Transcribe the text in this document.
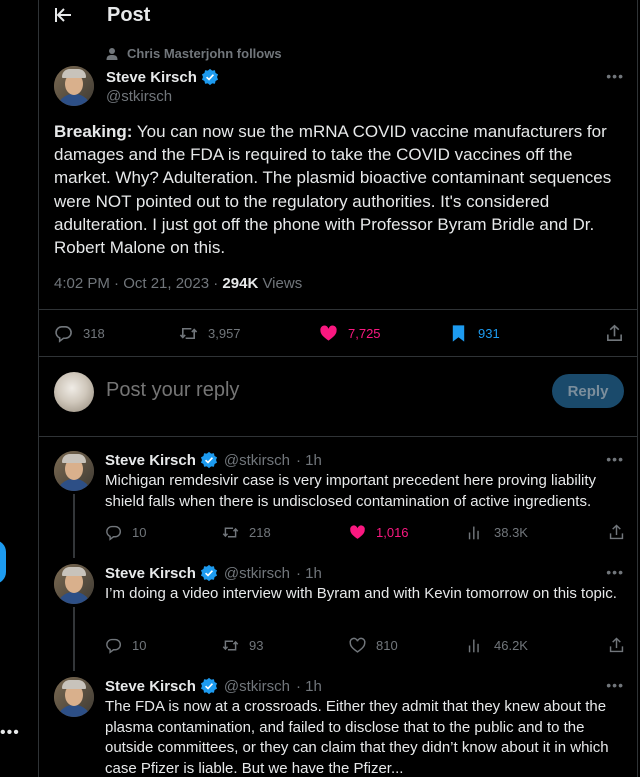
•••
Post
Chris Masterjohn follows
Steve Kirsch
@stkirsch
•••
Breaking: You can now sue the mRNA COVID vaccine manufacturers for damages and the FDA is required to take the COVID vaccines off the market. Why? Adulteration. The plasmid bioactive contaminant sequences were NOT pointed out to the regulatory authorities. It's considered adulteration. I just got off the phone with Professor Byram Bridle and Dr. Robert Malone on this.
4:02 PM · Oct 21, 2023 · 294K Views
318	3,957	7,725	931
Post your reply
Reply
Steve Kirsch @stkirsch · 1h	•••
Michigan remdesivir case is very important precedent here proving liability shield falls when there is undisclosed contamination of active ingredients.
10	218	1,016	38.3K
Steve Kirsch @stkirsch · 1h	•••
I’m doing a video interview with Byram and with Kevin tomorrow on this topic.
10	93	810	46.2K
Steve Kirsch @stkirsch · 1h	•••
The FDA is now at a crossroads. Either they admit that they knew about the plasma contamination, and failed to disclose that to the public and to the outside committees, or they can claim that they didn’t know about it in which case Pfizer is liable. But we have the Pfizer...
